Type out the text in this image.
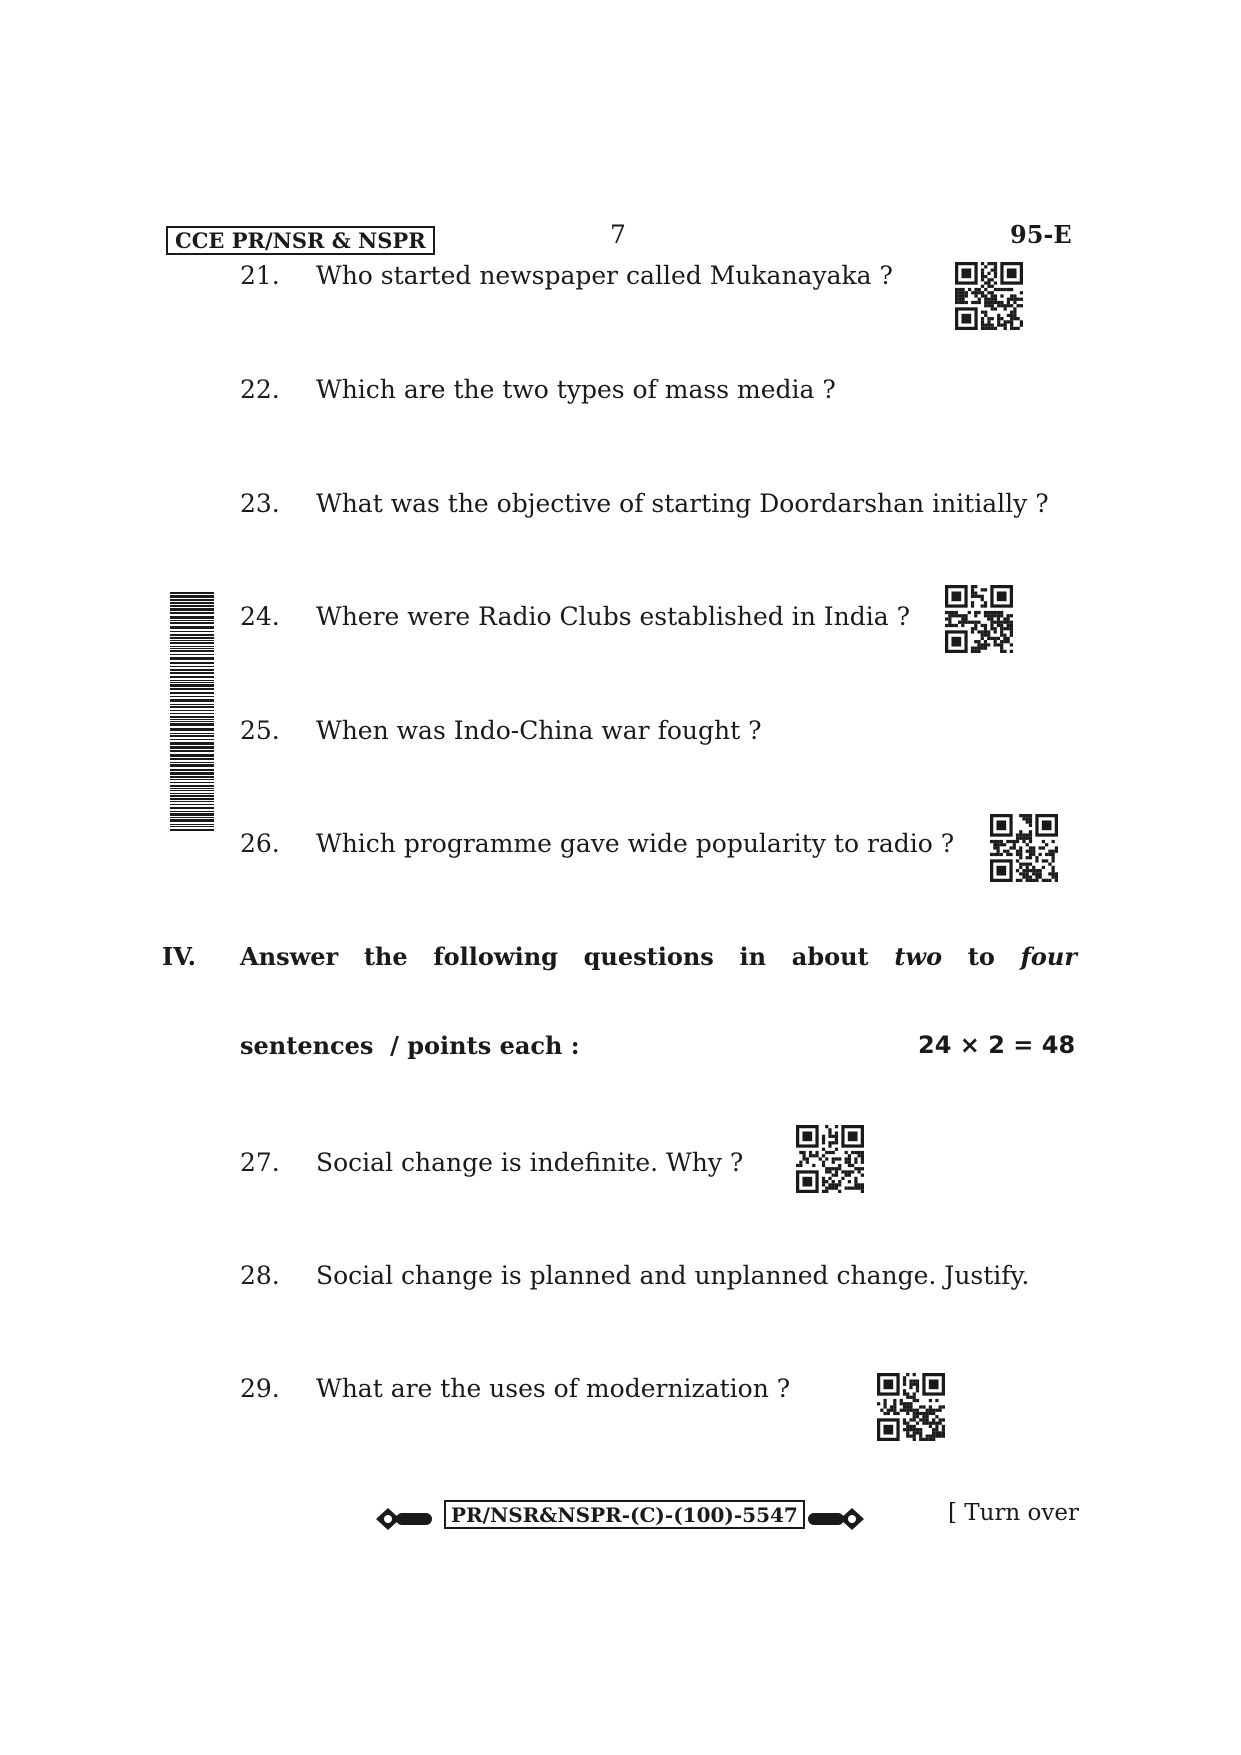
CCE PR/NSR & NSPR	7	95-E
21. Who started newspaper called Mukanayaka ?
22. Which are the two types of mass media ?
23. What was the objective of starting Doordarshan initially ?
24. Where were Radio Clubs established in India ?
25. When was Indo-China war fought ?
26. Which programme gave wide popularity to radio ?
IV. Answer the following questions in about two to four
sentences  / points each :	24 × 2 = 48
27. Social change is indefinite. Why ?
28. Social change is planned and unplanned change. Justify.
29. What are the uses of modernization ?
PR/NSR&NSPR-(C)-(100)-5547	[ Turn over
